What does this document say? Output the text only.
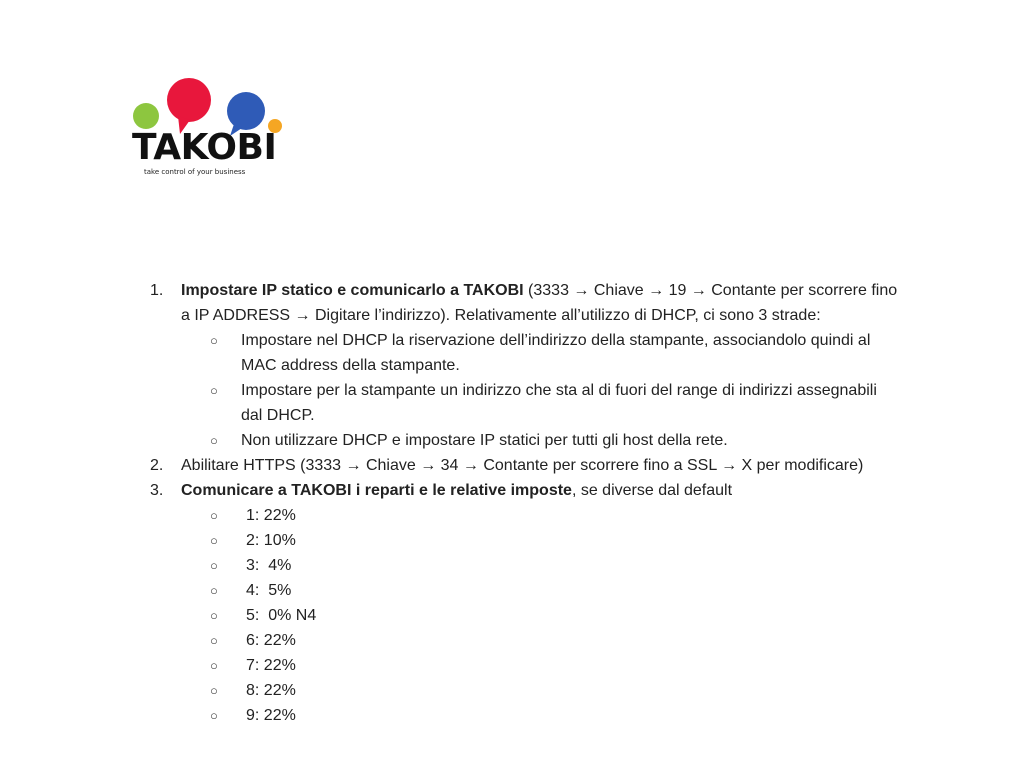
TAKOBI
take control of your business
1.	Impostare IP statico e comunicarlo a TAKOBI (3333 → Chiave → 19 → Contante per scorrere fino a IP ADDRESS → Digitare l’indirizzo). Relativamente all’utilizzo di DHCP, ci sono 3 strade:
○ Impostare nel DHCP la riservazione dell’indirizzo della stampante, associandolo quindi al MAC address della stampante.
○ Impostare per la stampante un indirizzo che sta al di fuori del range di indirizzi assegnabili dal DHCP.
○ Non utilizzare DHCP e impostare IP statici per tutti gli host della rete.
2.	Abilitare HTTPS (3333 → Chiave → 34 → Contante per scorrere fino a SSL → X per modificare)
3.	Comunicare a TAKOBI i reparti e le relative imposte, se diverse dal default
○ 1: 22%
○ 2: 10%
○ 3:  4%
○ 4:  5%
○ 5:  0% N4
○ 6: 22%
○ 7: 22%
○ 8: 22%
○ 9: 22%
